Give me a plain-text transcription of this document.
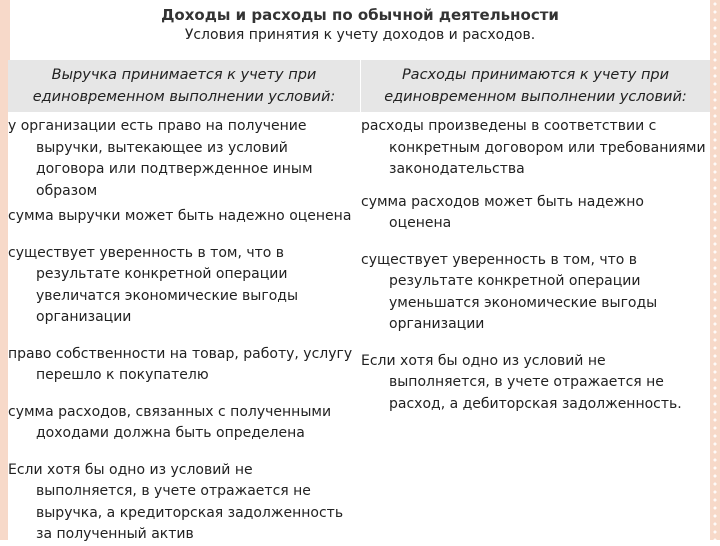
Доходы и расходы по обычной деятельности
Условия принятия к учету доходов и расходов.
Выручка принимается к учету при единовременном выполнении условий:
у организации есть право на получение выручки, вытекающее из условий договора или подтвержденное иным образом
сумма выручки может быть надежно оценена
существует уверенность в том, что в результате конкретной операции увеличатся экономические выгоды организации
право собственности на товар, работу, услугу перешло к покупателю
сумма расходов, связанных с полученными доходами должна быть определена
Если хотя бы одно из условий не выполняется, в учете отражается не выручка, а кредиторская задолженность за полученный актив
Расходы принимаются к учету при единовременном выполнении условий:
расходы произведены в соответствии с конкретным договором или требованиями законодательства
сумма расходов может быть надежно оценена
существует уверенность в том, что в результате конкретной операции уменьшатся экономические выгоды организации
Если хотя бы одно из условий не выполняется, в учете отражается не расход, а дебиторская задолженность.
